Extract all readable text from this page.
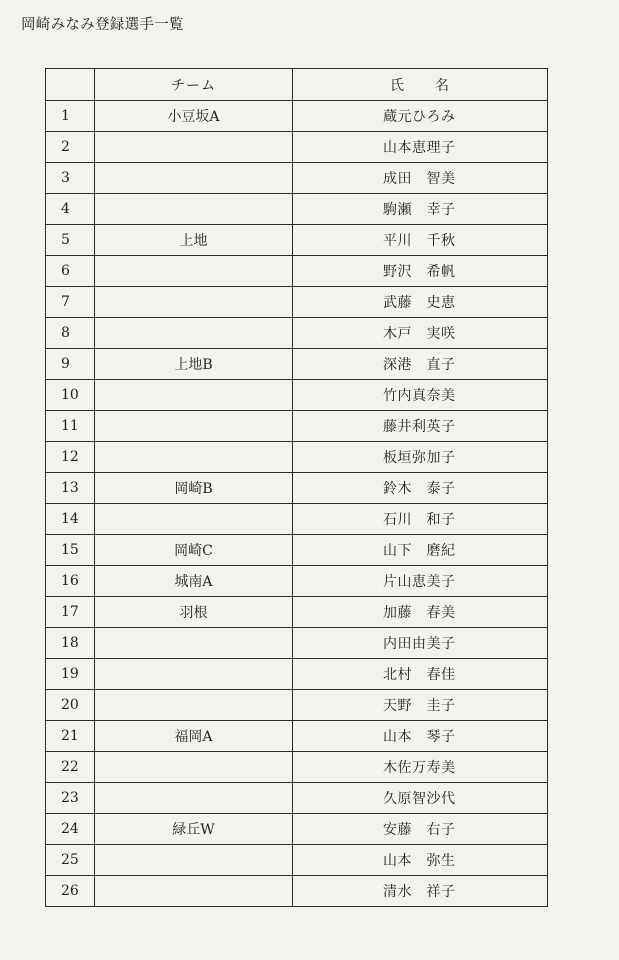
岡崎みなみ登録選手一覧
	チーム	氏　　名
1	小豆坂A	蔵元ひろみ
2		山本恵理子
3		成田　智美
4		駒瀬　幸子
5	上地	平川　千秋
6		野沢　希帆
7		武藤　史恵
8		木戸　実咲
9	上地B	深港　直子
10		竹内真奈美
11		藤井利英子
12		板垣弥加子
13	岡崎B	鈴木　泰子
14		石川　和子
15	岡崎C	山下　磨紀
16	城南A	片山恵美子
17	羽根	加藤　春美
18		内田由美子
19		北村　春佳
20		天野　圭子
21	福岡A	山本　琴子
22		木佐万寿美
23		久原智沙代
24	緑丘W	安藤　右子
25		山本　弥生
26		清水　祥子
